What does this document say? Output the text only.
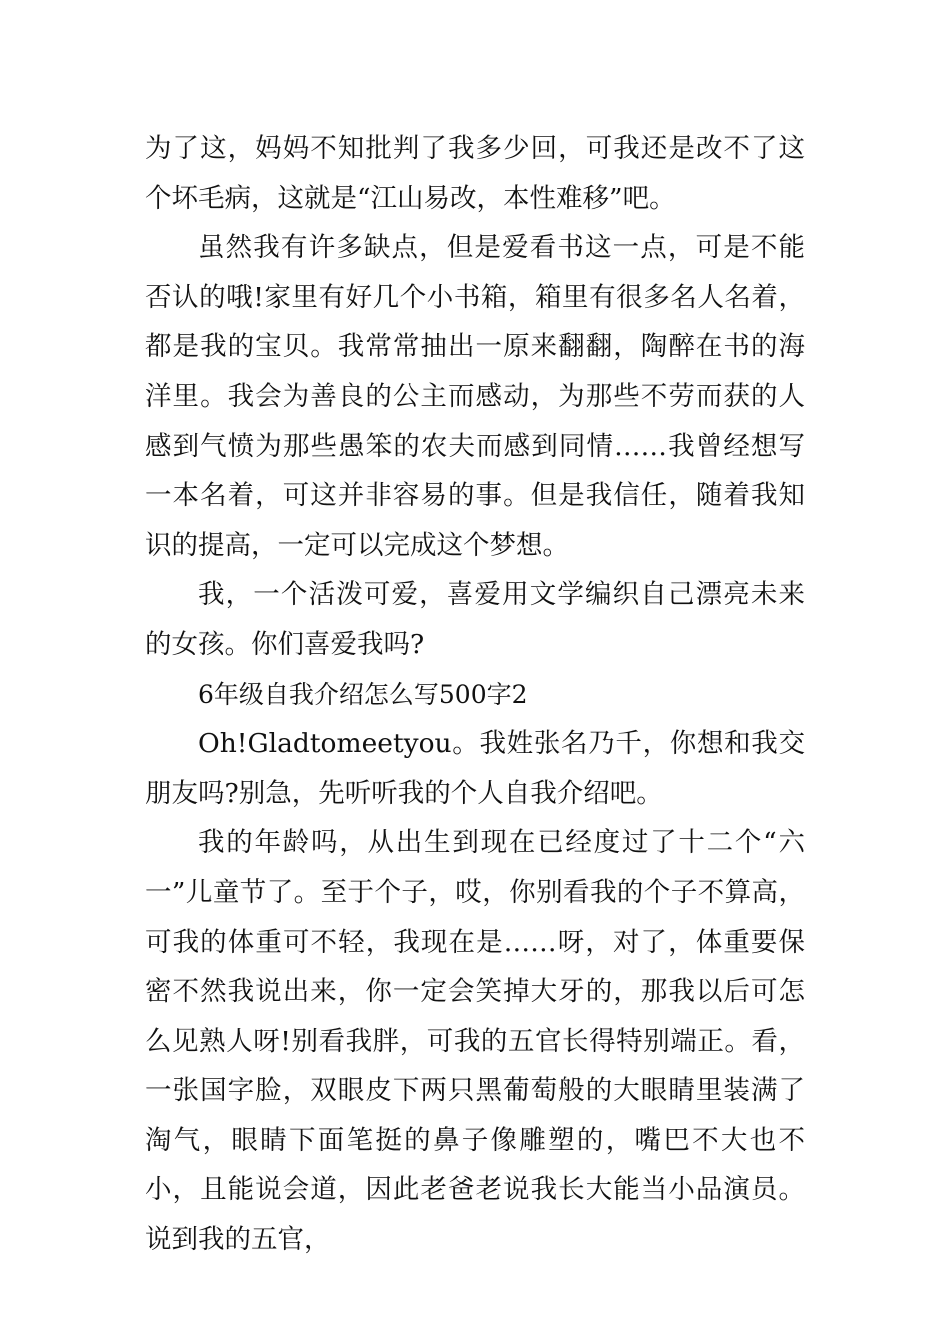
为了这，妈妈不知批判了我多少回，可我还是改不了这个坏毛病，这就是“江山易改，本性难移”吧。

虽然我有许多缺点，但是爱看书这一点，可是不能否认的哦!家里有好几个小书箱，箱里有很多名人名着，都是我的宝贝。我常常抽出一原来翻翻，陶醉在书的海洋里。我会为善良的公主而感动，为那些不劳而获的人感到气愤为那些愚笨的农夫而感到同情……我曾经想写一本名着，可这并非容易的事。但是我信任，随着我知识的提高，一定可以完成这个梦想。

我，一个活泼可爱，喜爱用文学编织自己漂亮未来的女孩。你们喜爱我吗?

6年级自我介绍怎么写500字2

Oh!Gladtomeetyou。我姓张名乃千，你想和我交朋友吗?别急，先听听我的个人自我介绍吧。

我的年龄吗，从出生到现在已经度过了十二个“六一”儿童节了。至于个子，哎，你别看我的个子不算高，可我的体重可不轻，我现在是……呀，对了，体重要保密不然我说出来，你一定会笑掉大牙的，那我以后可怎么见熟人呀!别看我胖，可我的五官长得特别端正。看，一张国字脸，双眼皮下两只黑葡萄般的大眼睛里装满了淘气，眼睛下面笔挺的鼻子像雕塑的，嘴巴不大也不小，且能说会道，因此老爸老说我长大能当小品演员。说到我的五官，
